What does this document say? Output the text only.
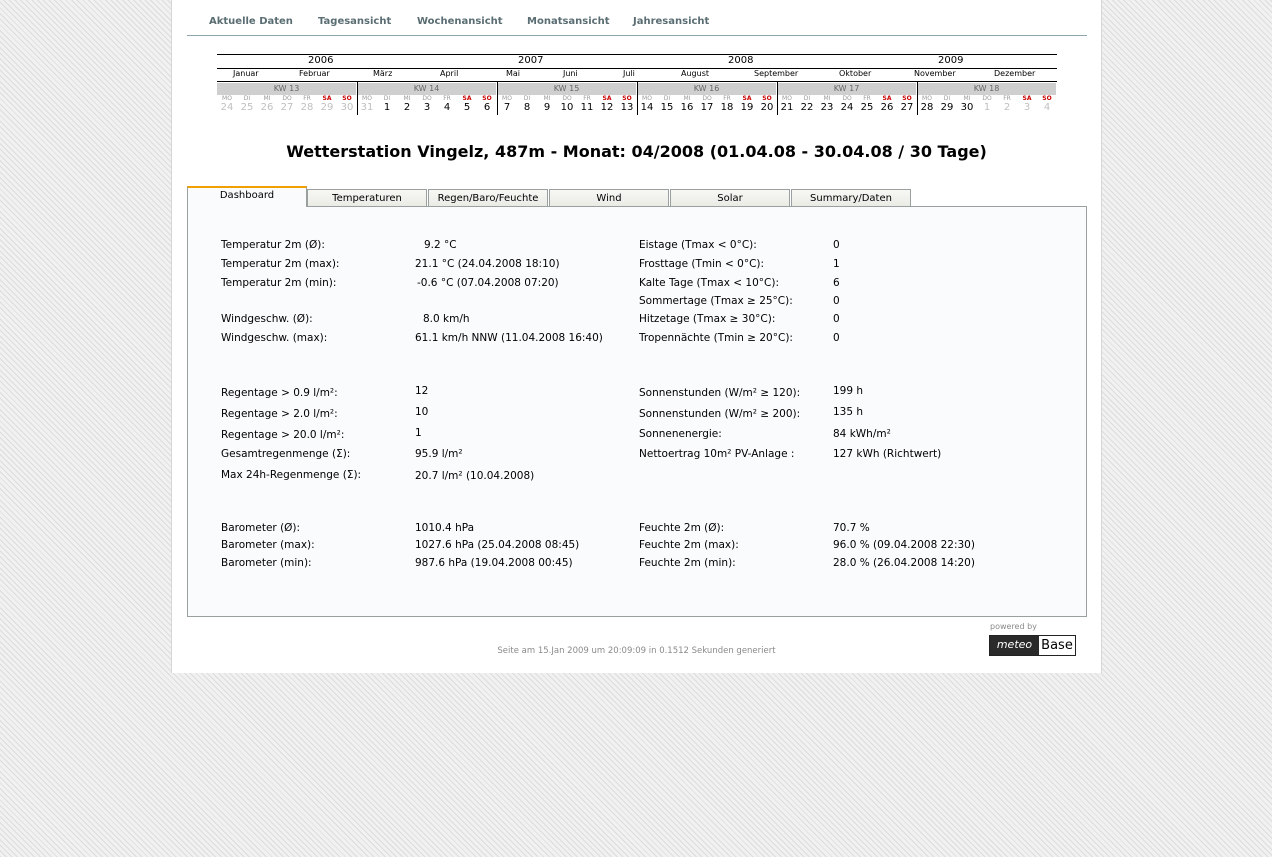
Aktuelle Daten	Tagesansicht	Wochenansicht Monatsansicht Jahresansicht
2006	2007	2008	2009
Januar	Februar	März	April	Mai	Juni	Juli	August	September	Oktober	November	Dezember
KW 13
MO	DI	MI	DO	FR	SA	SO
24 25 26 27 28 29 30
KW 14
MO	DI	MI	DO	FR	SA	SO
31	1	2	3	4	5	6
KW 15
MO	DI	MI	DO	FR	SA	SO
7	8	9	10 11 12 13
KW 16
MO	DI	MI	DO	FR	SA	SO
14 15 16 17 18 19 20
KW 17
MO	DI	MI	DO	FR	SA	SO
21 22 23 24 25 26 27
KW 18
MO	DI	MI	DO	FR	SA	SO
28 29 30	1	2	3	4
Wetterstation Vingelz, 487m - Monat: 04/2008 (01.04.08 - 30.04.08 / 30 Tage)
Dashboard	Temperaturen	Regen/Baro/Feuchte	Wind	Solar	Summary/Daten
Temperatur 2m (Ø):	9.2 °C
Temperatur 2m (max):	21.1 °C (24.04.2008 18:10)
Temperatur 2m (min):	-0.6 °C (07.04.2008 07:20)
Windgeschw. (Ø):	8.0 km/h
Windgeschw. (max):	61.1 km/h NNW (11.04.2008 16:40)
Regentage > 0.9 l/m²:	12
Regentage > 2.0 l/m²:	10
Regentage > 20.0 l/m²:	1
Gesamtregenmenge (Σ):	95.9 l/m²
Max 24h-Regenmenge (Σ):	20.7 l/m² (10.04.2008)
Barometer (Ø):	1010.4 hPa
Barometer (max):	1027.6 hPa (25.04.2008 08:45)
Barometer (min):	987.6 hPa (19.04.2008 00:45)
Eistage (Tmax < 0°C):	0
Frosttage (Tmin < 0°C):	1
Kalte Tage (Tmax < 10°C):	6
Sommertage (Tmax ≥ 25°C):	0
Hitzetage (Tmax ≥ 30°C):	0
Tropennächte (Tmin ≥ 20°C):	0
Sonnenstunden (W/m² ≥ 120):	199 h
Sonnenstunden (W/m² ≥ 200):	135 h
Sonnenenergie:	84 kWh/m²
Nettoertrag 10m² PV-Anlage :	127 kWh (Richtwert)
Feuchte 2m (Ø):	70.7 %
Feuchte 2m (max):	96.0 % (09.04.2008 22:30)
Feuchte 2m (min):	28.0 % (26.04.2008 14:20)
Seite am 15.Jan 2009 um 20:09:09 in 0.1512 Sekunden generiert
powered by
meteo Base
